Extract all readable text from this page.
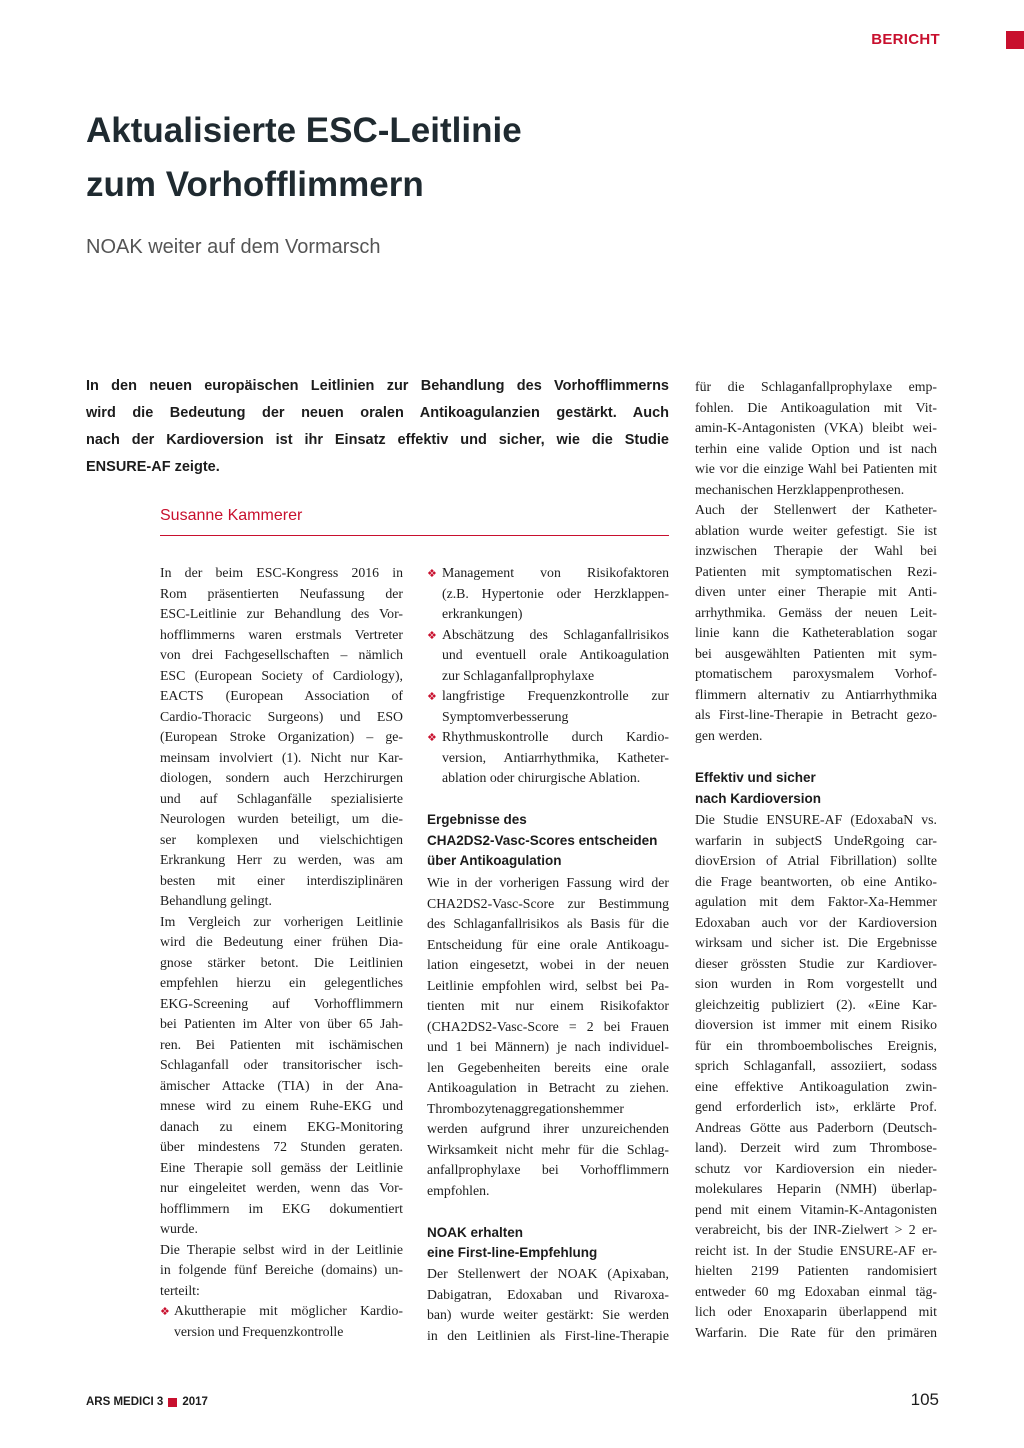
BERICHT
Aktualisierte ESC-Leitlinie
zum Vorhofflimmern

NOAK weiter auf dem Vormarsch

In den neuen europäischen Leitlinien zur Behandlung des Vorhofflimmerns
wird die Bedeutung der neuen oralen Antikoagulanzien gestärkt. Auch
nach der Kardioversion ist ihr Einsatz effektiv und sicher, wie die Studie
ENSURE-AF zeigte.
Susanne Kammerer
In der beim ESC-Kongress 2016 in
Rom präsentierten Neufassung der
ESC-Leitlinie zur Behandlung des Vor-
hofflimmerns waren erstmals Vertreter
von drei Fachgesellschaften – nämlich
ESC (European Society of Cardiology),
EACTS (European Association of
Cardio-Thoracic Surgeons) und ESO
(European Stroke Organization) – ge-
meinsam involviert (1). Nicht nur Kar-
diologen, sondern auch Herzchirurgen
und auf Schlaganfälle spezialisierte
Neurologen wurden beteiligt, um die-
ser komplexen und vielschichtigen
Erkrankung Herr zu werden, was am
besten mit einer interdisziplinären
Behandlung gelingt.
Im Vergleich zur vorherigen Leitlinie
wird die Bedeutung einer frühen Dia-
gnose stärker betont. Die Leitlinien
empfehlen hierzu ein gelegentliches
EKG-Screening auf Vorhofflimmern
bei Patienten im Alter von über 65 Jah-
ren. Bei Patienten mit ischämischen
Schlaganfall oder transitorischer isch-
ämischer Attacke (TIA) in der Ana-
mnese wird zu einem Ruhe-EKG und
danach zu einem EKG-Monitoring
über mindestens 72 Stunden geraten.
Eine Therapie soll gemäss der Leitlinie
nur eingeleitet werden, wenn das Vor-
hofflimmern im EKG dokumentiert
wurde.
Die Therapie selbst wird in der Leitlinie
in folgende fünf Bereiche (domains) un-
terteilt:
❖ Akuttherapie mit möglicher Kardio-
version und Frequenzkontrolle
❖ Management von Risikofaktoren
(z.B. Hypertonie oder Herzklappen-
erkrankungen)
❖ Abschätzung des Schlaganfallrisikos
und eventuell orale Antikoagulation
zur Schlaganfallprophylaxe
❖ langfristige Frequenzkontrolle zur
Symptomverbesserung
❖ Rhythmuskontrolle durch Kardio-
version, Antiarrhythmika, Katheter-
ablation oder chirurgische Ablation.
Ergebnisse des
CHA2DS2-Vasc-Scores entscheiden
über Antikoagulation
Wie in der vorherigen Fassung wird der
CHA2DS2-Vasc-Score zur Bestimmung
des Schlaganfallrisikos als Basis für die
Entscheidung für eine orale Antikoagu-
lation eingesetzt, wobei in der neuen
Leitlinie empfohlen wird, selbst bei Pa-
tienten mit nur einem Risikofaktor
(CHA2DS2-Vasc-Score = 2 bei Frauen
und 1 bei Männern) je nach individuel-
len Gegebenheiten bereits eine orale
Antikoagulation in Betracht zu ziehen.
Thrombozytenaggregationshemmer
werden aufgrund ihrer unzureichenden
Wirksamkeit nicht mehr für die Schlag-
anfallprophylaxe bei Vorhofflimmern
empfohlen.
NOAK erhalten
eine First-line-Empfehlung
Der Stellenwert der NOAK (Apixaban,
Dabigatran, Edoxaban und Rivaroxa-
ban) wurde weiter gestärkt: Sie werden
in den Leitlinien als First-line-Therapie
für die Schlaganfallprophylaxe emp-
fohlen. Die Antikoagulation mit Vit-
amin-K-Antagonisten (VKA) bleibt wei-
terhin eine valide Option und ist nach
wie vor die einzige Wahl bei Patienten mit
mechanischen Herzklappenprothesen.
Auch der Stellenwert der Katheter-
ablation wurde weiter gefestigt. Sie ist
inzwischen Therapie der Wahl bei
Patienten mit symptomatischen Rezi-
diven unter einer Therapie mit Anti-
arrhythmika. Gemäss der neuen Leit-
linie kann die Katheterablation sogar
bei ausgewählten Patienten mit sym-
ptomatischem paroxysmalem Vorhof-
flimmern alternativ zu Antiarrhythmika
als First-line-Therapie in Betracht gezo-
gen werden.
Effektiv und sicher
nach Kardioversion
Die Studie ENSURE-AF (EdoxabaN vs.
warfarin in subjectS UndeRgoing car-
diovErsion of Atrial Fibrillation) sollte
die Frage beantworten, ob eine Antiko-
agulation mit dem Faktor-Xa-Hemmer
Edoxaban auch vor der Kardioversion
wirksam und sicher ist. Die Ergebnisse
dieser grössten Studie zur Kardiover-
sion wurden in Rom vorgestellt und
gleichzeitig publiziert (2). «Eine Kar-
dioversion ist immer mit einem Risiko
für ein thromboembolisches Ereignis,
sprich Schlaganfall, assoziiert, sodass
eine effektive Antikoagulation zwin-
gend erforderlich ist», erklärte Prof.
Andreas Götte aus Paderborn (Deutsch-
land). Derzeit wird zum Thrombose-
schutz vor Kardioversion ein nieder-
molekulares Heparin (NMH) überlap-
pend mit einem Vitamin-K-Antagonisten
verabreicht, bis der INR-Zielwert > 2 er-
reicht ist. In der Studie ENSURE-AF er-
hielten 2199 Patienten randomisiert
entweder 60 mg Edoxaban einmal täg-
lich oder Enoxaparin überlappend mit
Warfarin. Die Rate für den primären
ARS MEDICI 3 2017	105
